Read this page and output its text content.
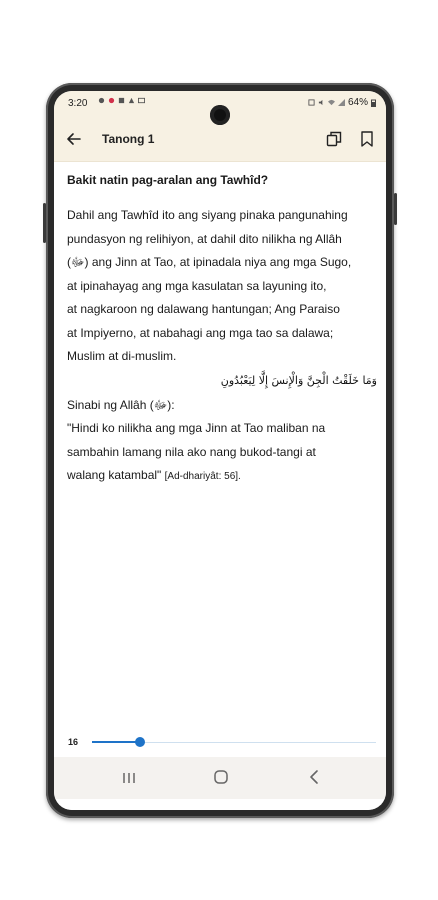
3:20	64%
Tanong 1

Bakit natin pag-aralan ang Tawhîd?

Dahil ang Tawhîd ito ang siyang pinaka pangunahing
pundasyon ng relihiyon, at dahil dito nilikha ng Allâh
(ﷻ) ang Jinn at Tao, at ipinadala niya ang mga Sugo,
at ipinahayag ang mga kasulatan sa layuning ito,
at nagkaroon ng dalawang hantungan; Ang Paraiso
at Impiyerno, at nabahagi ang mga tao sa dalawa;
Muslim at di-muslim.

وَمَا خَلَقْتُ الْجِنَّ وَالْإِنسَ إِلَّا لِيَعْبُدُونِ

Sinabi ng Allâh (ﷻ):

"Hindi ko nilikha ang mga Jinn at Tao maliban na
sambahin lamang nila ako nang bukod-tangi at
walang katambal" [Ad-dhariyât: 56].

16
